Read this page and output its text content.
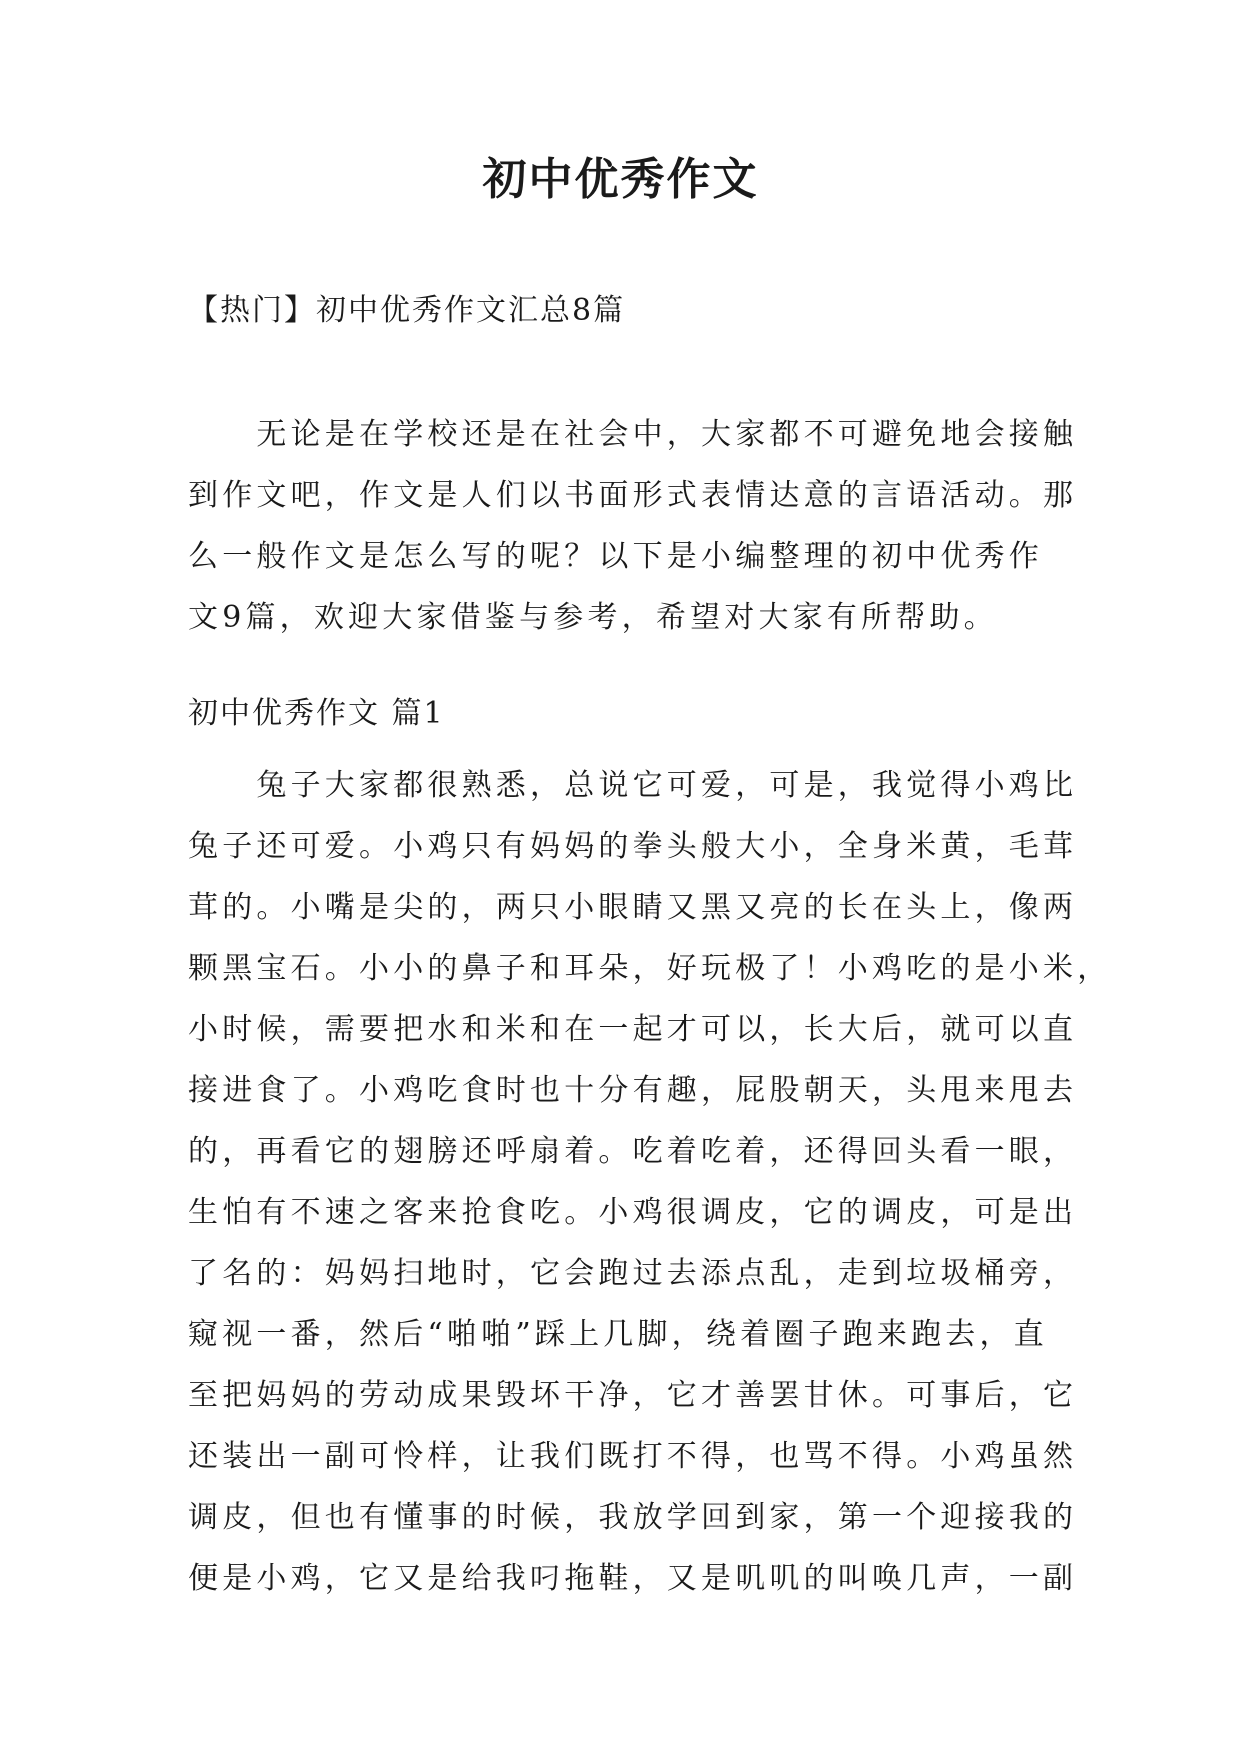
初中优秀作文
【热门】初中优秀作文汇总8篇
　　无论是在学校还是在社会中，大家都不可避免地会接触
到作文吧，作文是人们以书面形式表情达意的言语活动。那
么一般作文是怎么写的呢？以下是小编整理的初中优秀作
文9篇，欢迎大家借鉴与参考，希望对大家有所帮助。
初中优秀作文 篇1
　　兔子大家都很熟悉，总说它可爱，可是，我觉得小鸡比
兔子还可爱。小鸡只有妈妈的拳头般大小，全身米黄，毛茸
茸的。小嘴是尖的，两只小眼睛又黑又亮的长在头上，像两
颗黑宝石。小小的鼻子和耳朵，好玩极了！小鸡吃的是小米，
小时候，需要把水和米和在一起才可以，长大后，就可以直
接进食了。小鸡吃食时也十分有趣，屁股朝天，头甩来甩去
的，再看它的翅膀还呼扇着。吃着吃着，还得回头看一眼，
生怕有不速之客来抢食吃。小鸡很调皮，它的调皮，可是出
了名的：妈妈扫地时，它会跑过去添点乱，走到垃圾桶旁，
窥视一番，然后“啪啪”踩上几脚，绕着圈子跑来跑去，直
至把妈妈的劳动成果毁坏干净，它才善罢甘休。可事后，它
还装出一副可怜样，让我们既打不得，也骂不得。小鸡虽然
调皮，但也有懂事的时候，我放学回到家，第一个迎接我的
便是小鸡，它又是给我叼拖鞋，又是叽叽的叫唤几声，一副
